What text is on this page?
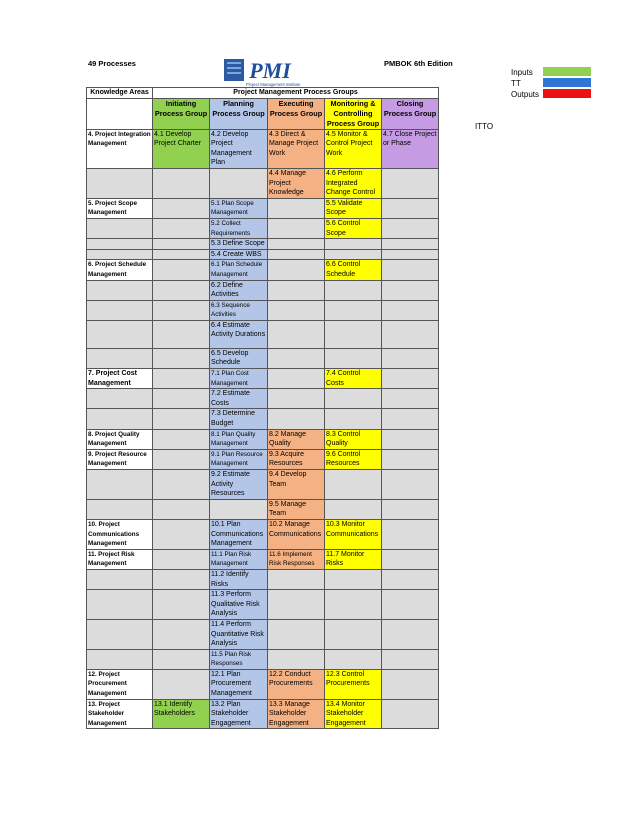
49 Processes	PMBOK 6th Edition
ITTO
PMI
Project Management Institute
Inputs
TT
Outputs
Knowledge Areas	Project Management Process Groups				
	Initiating Process Group	Planning Process Group	Executing Process Group	Monitoring & Controlling Process Group	Closing Process Group
4. Project Integration Management	4.1 Develop Project Charter	4.2 Develop Project Management Plan	4.3 Direct & Manage Project Work	4.5 Monitor & Control Project Work	4.7 Close Project or Phase
			4.4 Manage Project Knowledge	4.6 Perform Integrated Change Control	
5. Project Scope Management		5.1 Plan Scope Management		5.5 Validate Scope	
		5.2 Collect Requirements		5.6 Control Scope	
		5.3 Define Scope			
		5.4 Create WBS			
6. Project Schedule Management		6.1 Plan Schedule Management		6.6 Control Schedule	
		6.2 Define Activities			
		6.3 Sequence Activities			
		6.4 Estimate Activity Durations			
		6.5 Develop Schedule			
7. Project Cost Management		7.1 Plan Cost Management		7.4 Control Costs	
		7.2 Estimate Costs			
		7.3 Determine Budget			
8. Project Quality Management		8.1 Plan Quality Management	8.2 Manage Quality	8.3 Control Quality	
9. Project Resource Management		9.1 Plan Resource Management	9.3 Acquire Resources	9.6 Control Resources	
		9.2 Estimate Activity Resources	9.4 Develop Team		
			9.5 Manage Team		
10. Project Communications Management		10.1 Plan Communications Management	10.2 Manage Communications	10.3 Monitor Communications	
11. Project Risk Management		11.1 Plan Risk Management	11.6 Implement Risk Responses	11.7 Monitor Risks	
		11.2 Identify Risks			
		11.3 Perform Qualitative Risk Analysis			
		11.4 Perform Quantitative Risk Analysis			
		11.5 Plan Risk Responses			
12. Project Procurement Management		12.1 Plan Procurement Management	12.2 Conduct Procurements	12.3 Control Procurements	
13. Project Stakeholder Management	13.1 Identify Stakeholders	13.2 Plan Stakeholder Engagement	13.3 Manage Stakeholder Engagement	13.4 Monitor Stakeholder Engagement	
